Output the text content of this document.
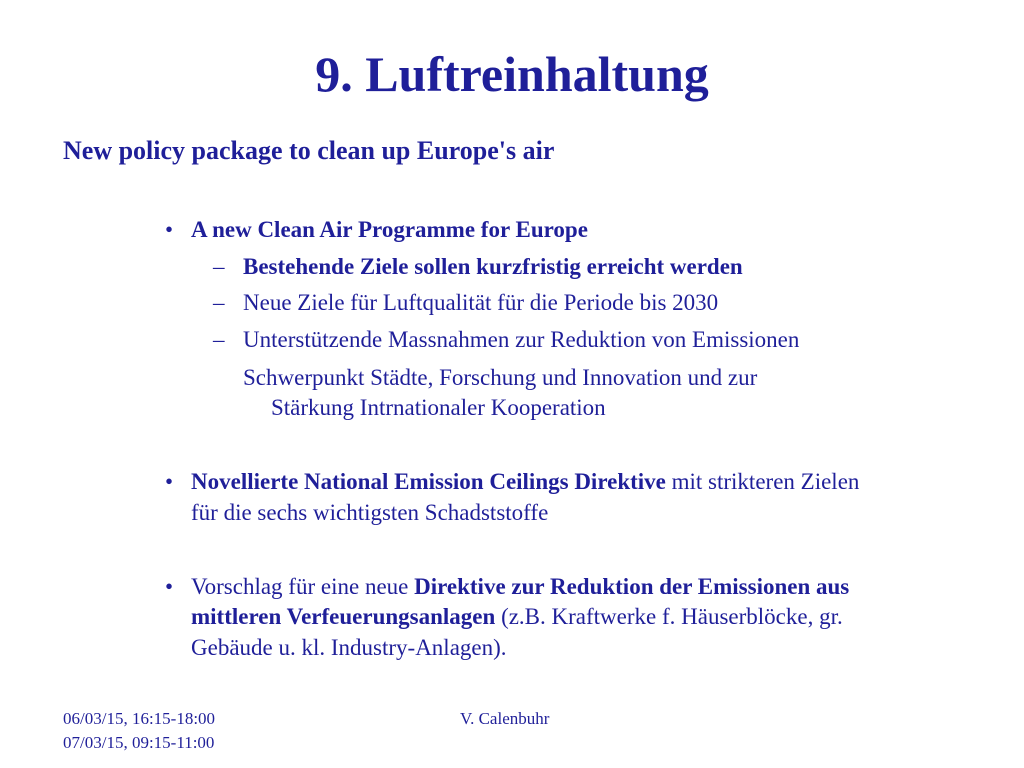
9. Luftreinhaltung
New policy package to clean up Europe's air
• A new Clean Air Programme for Europe

– Bestehende Ziele sollen kurzfristig erreicht werden

– Neue Ziele für Luftqualität für die Periode bis 2030

– Unterstützende Massnahmen zur Reduktion von Emissionen

Schwerpunkt Städte, Forschung und Innovation und zur

Stärkung Intrnationaler Kooperation

• Novellierte National Emission Ceilings Direktive mit strikteren Zielen

für die sechs wichtigsten Schadststoffe

• Vorschlag für eine neue Direktive zur Reduktion der Emissionen aus

mittleren Verfeuerungsanlagen (z.B. Kraftwerke f. Häuserblöcke, gr.

Gebäude u. kl. Industry-Anlagen).

06/03/15, 16:15-18:00
07/03/15, 09:15-11:00
V. Calenbuhr
